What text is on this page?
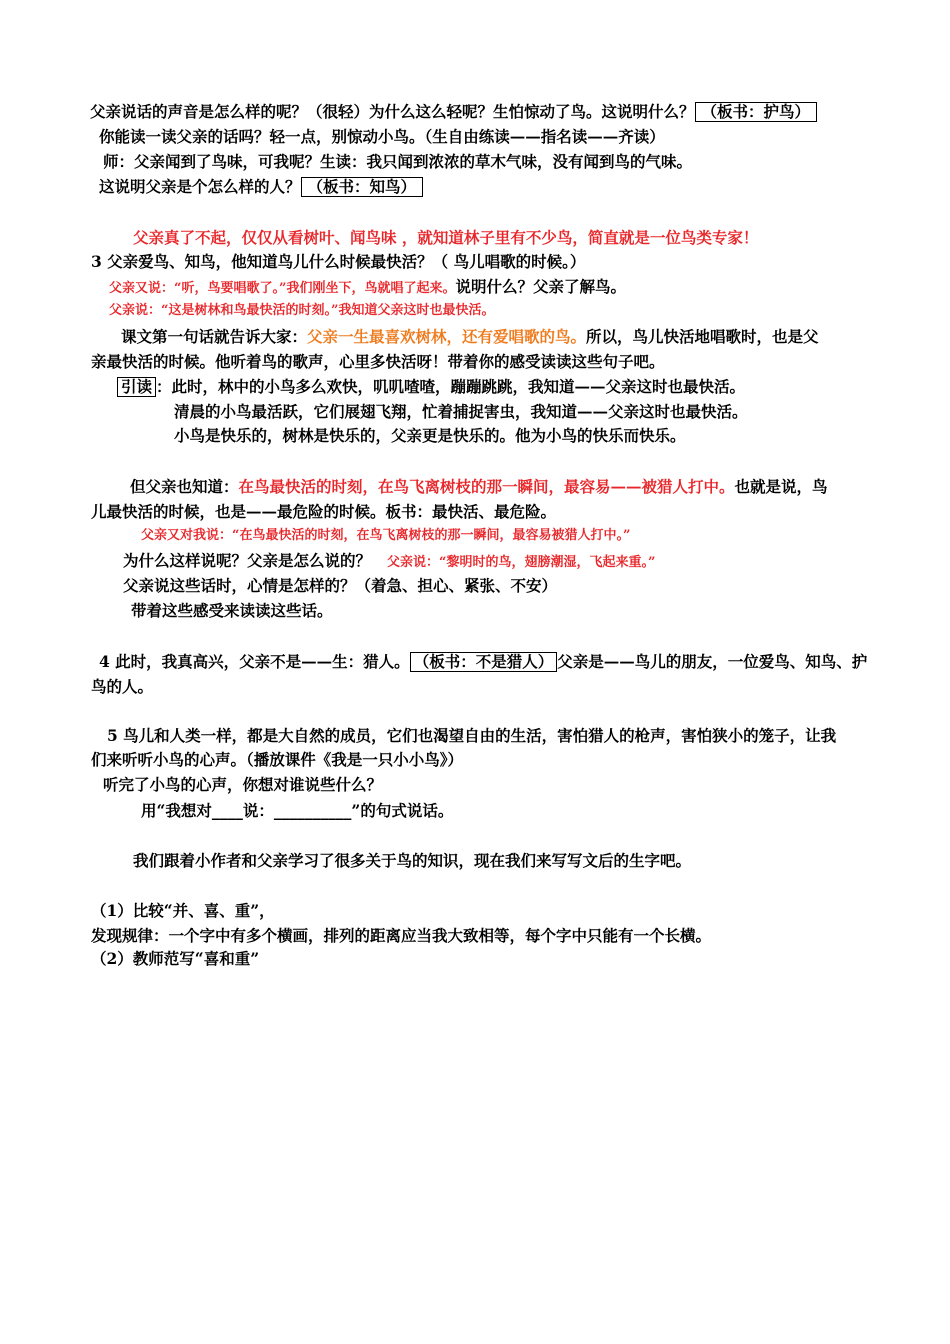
父亲说话的声音是怎么样的呢？（很轻）为什么这么轻呢？生怕惊动了鸟。这说明什么？ （板书：护鸟）
你能读一读父亲的话吗？轻一点，别惊动小鸟。（生自由练读——指名读——齐读）
师：父亲闻到了鸟味，可我呢？生读：我只闻到浓浓的草木气味，没有闻到鸟的气味。
这说明父亲是个怎么样的人？ （板书：知鸟）
父亲真了不起，仅仅从看树叶、闻鸟味 ，就知道林子里有不少鸟，简直就是一位鸟类专家！
3 父亲爱鸟、知鸟，他知道鸟儿什么时候最快活？（ 鸟儿唱歌的时候。）
父亲又说：“听，鸟要唱歌了。”我们刚坐下，鸟就唱了起来。说明什么？父亲了解鸟。
父亲说：“这是树林和鸟最快活的时刻。”我知道父亲这时也最快活。
课文第一句话就告诉大家：父亲一生最喜欢树林，还有爱唱歌的鸟。所以，鸟儿快活地唱歌时，也是父
亲最快活的时候。他听着鸟的歌声，心里多快活呀！带着你的感受读读这些句子吧。
引读 ：此时，林中的小鸟多么欢快，叽叽喳喳，蹦蹦跳跳，我知道——父亲这时也最快活。
清晨的小鸟最活跃，它们展翅飞翔，忙着捕捉害虫，我知道——父亲这时也最快活。
小鸟是快乐的，树林是快乐的，父亲更是快乐的。他为小鸟的快乐而快乐。
但父亲也知道：在鸟最快活的时刻，在鸟飞离树枝的那一瞬间，最容易——被猎人打中。也就是说，鸟
儿最快活的时候，也是——最危险的时候。板书：最快活、最危险。
父亲又对我说：“在鸟最快活的时刻，在鸟飞离树枝的那一瞬间，最容易被猎人打中。”
为什么这样说呢？父亲是怎么说的？ 父亲说：“黎明时的鸟，翅膀潮湿，飞起来重。”
父亲说这些话时，心情是怎样的？（着急、担心、紧张、不安）
带着这些感受来读读这些话。
4 此时，我真高兴，父亲不是——生：猎人。 （板书：不是猎人） 父亲是——鸟儿的朋友，一位爱鸟、知鸟、护
鸟的人。
5 鸟儿和人类一样，都是大自然的成员，它们也渴望自由的生活，害怕猎人的枪声，害怕狭小的笼子，让我
们来听听小鸟的心声。（播放课件《我是一只小小鸟》）
听完了小鸟的心声，你想对谁说些什么？
用“我想对____说：__________”的句式说话。
我们跟着小作者和父亲学习了很多关于鸟的知识，现在我们来写写文后的生字吧。
（1）比较“并、喜、重”，
发现规律：一个字中有多个横画，排列的距离应当我大致相等，每个字中只能有一个长横。
（2）教师范写“喜和重”
